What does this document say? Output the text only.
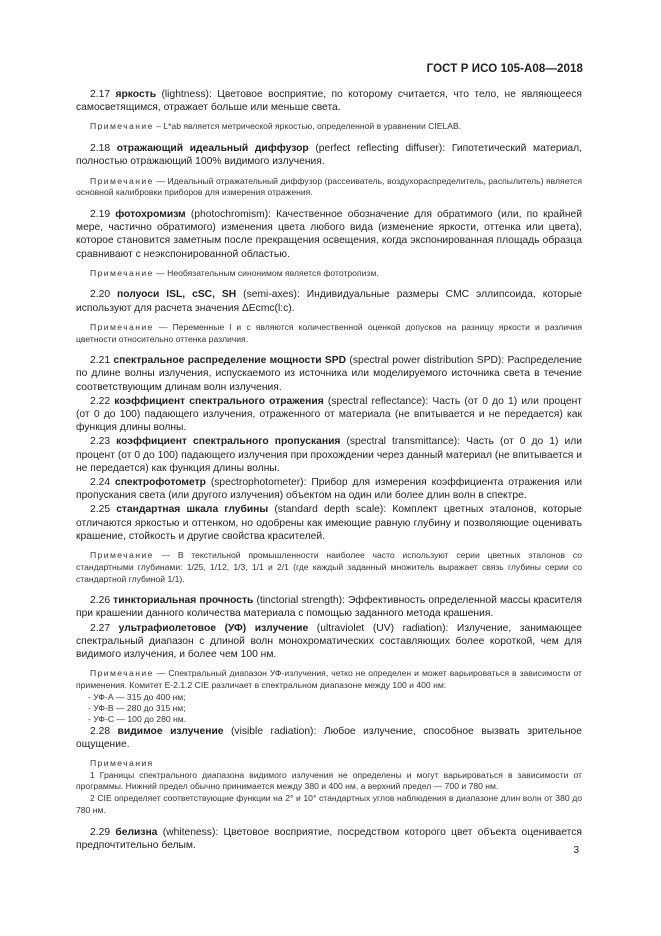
ГОСТ Р ИСО 105-А08—2018

2.17 яркость (lightness): Цветовое восприятие, по которому считается, что тело, не являющееся самосветящимся, отражает больше или меньше света.

Примечание – L*ab является метрической яркостью, определенной в уравнении CIELAB.

2.18 отражающий идеальный диффузор (perfect reflecting diffuser): Гипотетический материал, полностью отражающий 100% видимого излучения.

Примечание — Идеальный отражательный диффузор (рассеиватель, воздухораспределитель, распылитель) является основной калибровки приборов для измерения отражения.

2.19 фотохромизм (photochromism): Качественное обозначение для обратимого (или, по крайней мере, частично обратимого) изменения цвета любого вида (изменение яркости, оттенка или цвета), которое становится заметным после прекращения освещения, когда экспонированная площадь образца сравнивают с неэкспонированной областью.

Примечание — Необязательным синонимом является фототропизм.

2.20 полуоси ISL, cSC, SH (semi-axes): Индивидуальные размеры CMC эллипсоида, которые используют для расчета значения ΔEcmc(l:c).

Примечание — Переменные l и c являются количественной оценкой допусков на разницу яркости и различия цветности относительно оттенка различия.

2.21 спектральное распределение мощности SPD (spectral power distribution SPD): Распределение по длине волны излучения, испускаемого из источника или моделируемого источника света в течение соответствующим длинам волн излучения.

2.22 коэффициент спектрального отражения (spectral reflectance): Часть (от 0 до 1) или процент (от 0 до 100) падающего излучения, отраженного от материала (не впитывается и не передается) как функция длины волны.

2.23 коэффициент спектрального пропускания (spectral transmittance): Часть (от 0 до 1) или процент (от 0 до 100) падающего излучения при прохождении через данный материал (не впитывается и не передается) как функция длины волны.

2.24 спектрофотометр (spectrophotometer): Прибор для измерения коэффициента отражения или пропускания света (или другого излучения) объектом на один или более длин волн в спектре.

2.25 стандартная шкала глубины (standard depth scale): Комплект цветных эталонов, которые отличаются яркостью и оттенком, но одобрены как имеющие равную глубину и позволяющие оценивать крашение, стойкость и другие свойства красителей.

Примечание — В текстильной промышленности наиболее часто используют серии цветных эталонов со стандартными глубинами: 1/25, 1/12, 1/3, 1/1 и 2/1 (где каждый заданный множитель выражает связь глубины серии со стандартной глубиной 1/1).

2.26 тинкториальная прочность (tinctorial strength): Эффективность определенной массы красителя при крашении данного количества материала с помощью заданного метода крашения.

2.27 ультрафиолетовое (УФ) излучение (ultraviolet (UV) radiation): Излучение, занимающее спектральный диапазон с длиной волн монохроматических составляющих более короткой, чем для видимого излучения, и более чем 100 нм.

Примечание — Спектральный диапазон УФ-излучения, четко не определен и может варьироваться в зависимости от применения. Комитет Е-2.1.2 CIE различает в спектральном диапазоне между 100 и 400 нм:

- УФ-А — 315 до 400 нм;
- УФ-В — 280 до 315 нм;
- УФ-С — 100 до 280 нм.

2.28 видимое излучение (visible radiation): Любое излучение, способное вызвать зрительное ощущение.

Примечания

1 Границы спектрального диапазона видимого излучения не определены и могут варьироваться в зависимости от программы. Нижний предел обычно принимается между 380 и 400 нм, а верхний предел — 700 и 780 нм.

2 CIE определяет соответствующие функции на 2° и 10° стандартных углов наблюдения в диапазоне длин волн от 380 до 780 нм.

2.29 белизна (whiteness): Цветовое восприятие, посредством которого цвет объекта оценивается предпочтительно белым.	3
